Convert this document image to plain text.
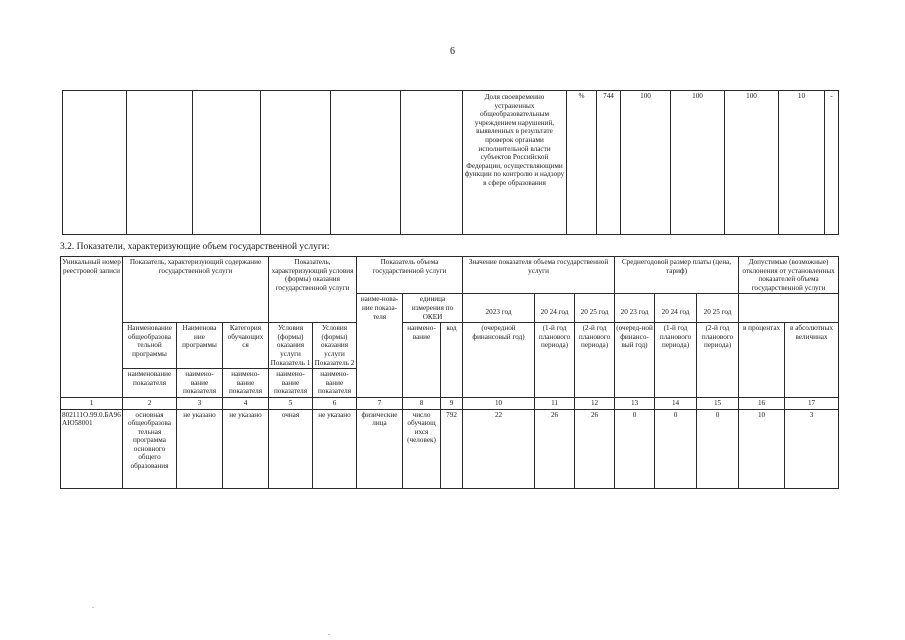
6
						Доля своевременно устраненных общеобразовательным учреждением нарушений, выявленных в результате проверок органами исполнительной власти субъектов Российской Федерации, осуществляющими функции по контролю и надзору в сфере образования	%	744	100	100	100	10	-
3.2. Показатели, характеризующие объем государственной услуги:
Уникальный номер реестровой записи	Показатель, характеризующий содержание государственной услуги			Показатель, характеризующий условия (формы) оказания государственной услуги		Показатель объема государственной услуги			Значение показателя объема государственной услуги			Среднегодовой размер платы (цена, тариф)			Допустимые (возможные) отклонения от установленных показателей объема государственной услуги	
						наиме-нова-ние показа-теля	единица измерения по ОКЕИ		2023 год	20 24 год	20 25 год	20 23 год	20 24 год	20 25 год		
	Наименование общеобразова тельной программы	Наименова ние программы	Категория обучающих ся	Условия (формы) оказания услуги Показатель 1	Условия (формы) оказания услуги Показатель 2		наимено-вание	код	(очередной финансовый год)	(1-й год планового периода)	(2-й год планового периода)	(очеред-ной финансо-вый год)	(1-й год планового периода)	(2-й год планового периода)	в процентах	в абсолютных величинах
	наименование показателя	наимено-вание показателя	наимено-вание показателя	наимено-вание показателя	наимено-вание показателя											
1	2	3	4	5	6	7	8	9	10	11	12	13	14	15	16	17
802111О.99.0.БА96АЮ58001	основная общеобразова тельная программа основного общего образования	не указано	не указано	очная	не указано	физические лица	число обучающ ихся (человек)	792	22	26	26	0	0	0	10	3
.
.
